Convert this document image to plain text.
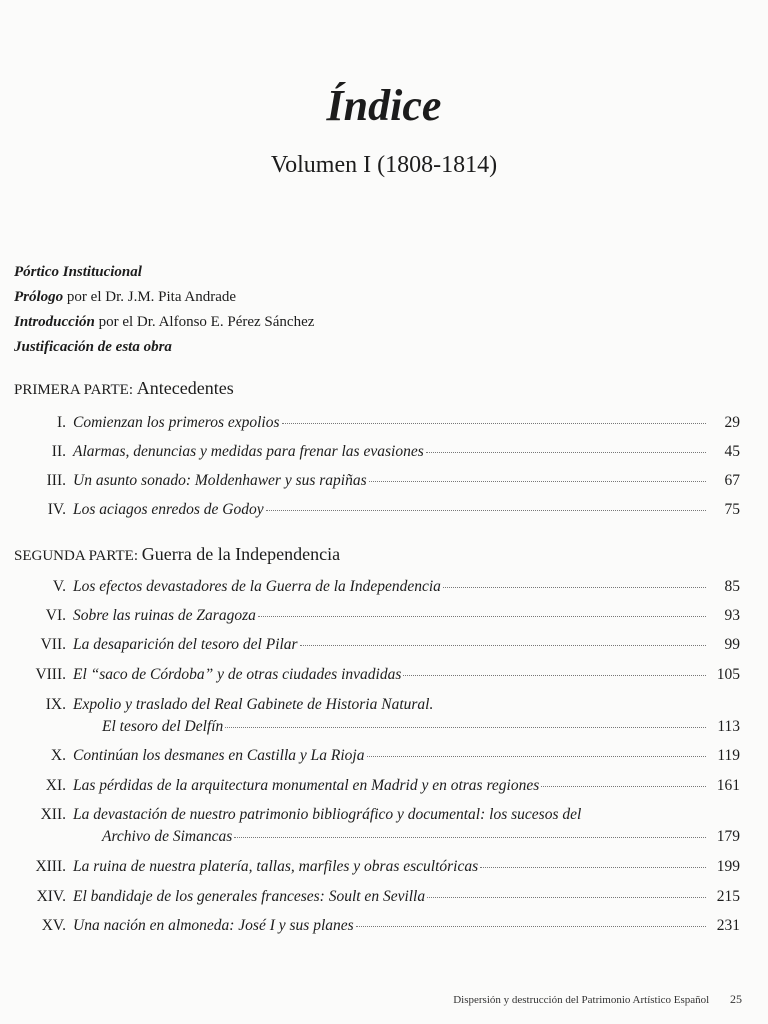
Índice
Volumen I (1808-1814)
Pórtico Institucional
Prólogo por el Dr. J.M. Pita Andrade
Introducción por el Dr. Alfonso E. Pérez Sánchez
Justificación de esta obra
PRIMERA PARTE: Antecedentes
I. Comienzan los primeros expolios	29
II. Alarmas, denuncias y medidas para frenar las evasiones	45
III. Un asunto sonado: Moldenhawer y sus rapiñas	67
IV. Los aciagos enredos de Godoy	75
SEGUNDA PARTE: Guerra de la Independencia
V. Los efectos devastadores de la Guerra de la Independencia	85
VI. Sobre las ruinas de Zaragoza	93
VII. La desaparición del tesoro del Pilar	99
VIII. El “saco de Córdoba” y de otras ciudades invadidas	105
IX. Expolio y traslado del Real Gabinete de Historia Natural.
El tesoro del Delfín	113
X. Continúan los desmanes en Castilla y La Rioja	119
XI. Las pérdidas de la arquitectura monumental en Madrid y en otras regiones	161
XII. La devastación de nuestro patrimonio bibliográfico y documental: los sucesos del
Archivo de Simancas	179
XIII. La ruina de nuestra platería, tallas, marfiles y obras escultóricas	199
XIV. El bandidaje de los generales franceses: Soult en Sevilla	215
XV. Una nación en almoneda: José I y sus planes	231
Dispersión y destrucción del Patrimonio Artístico Español 25
